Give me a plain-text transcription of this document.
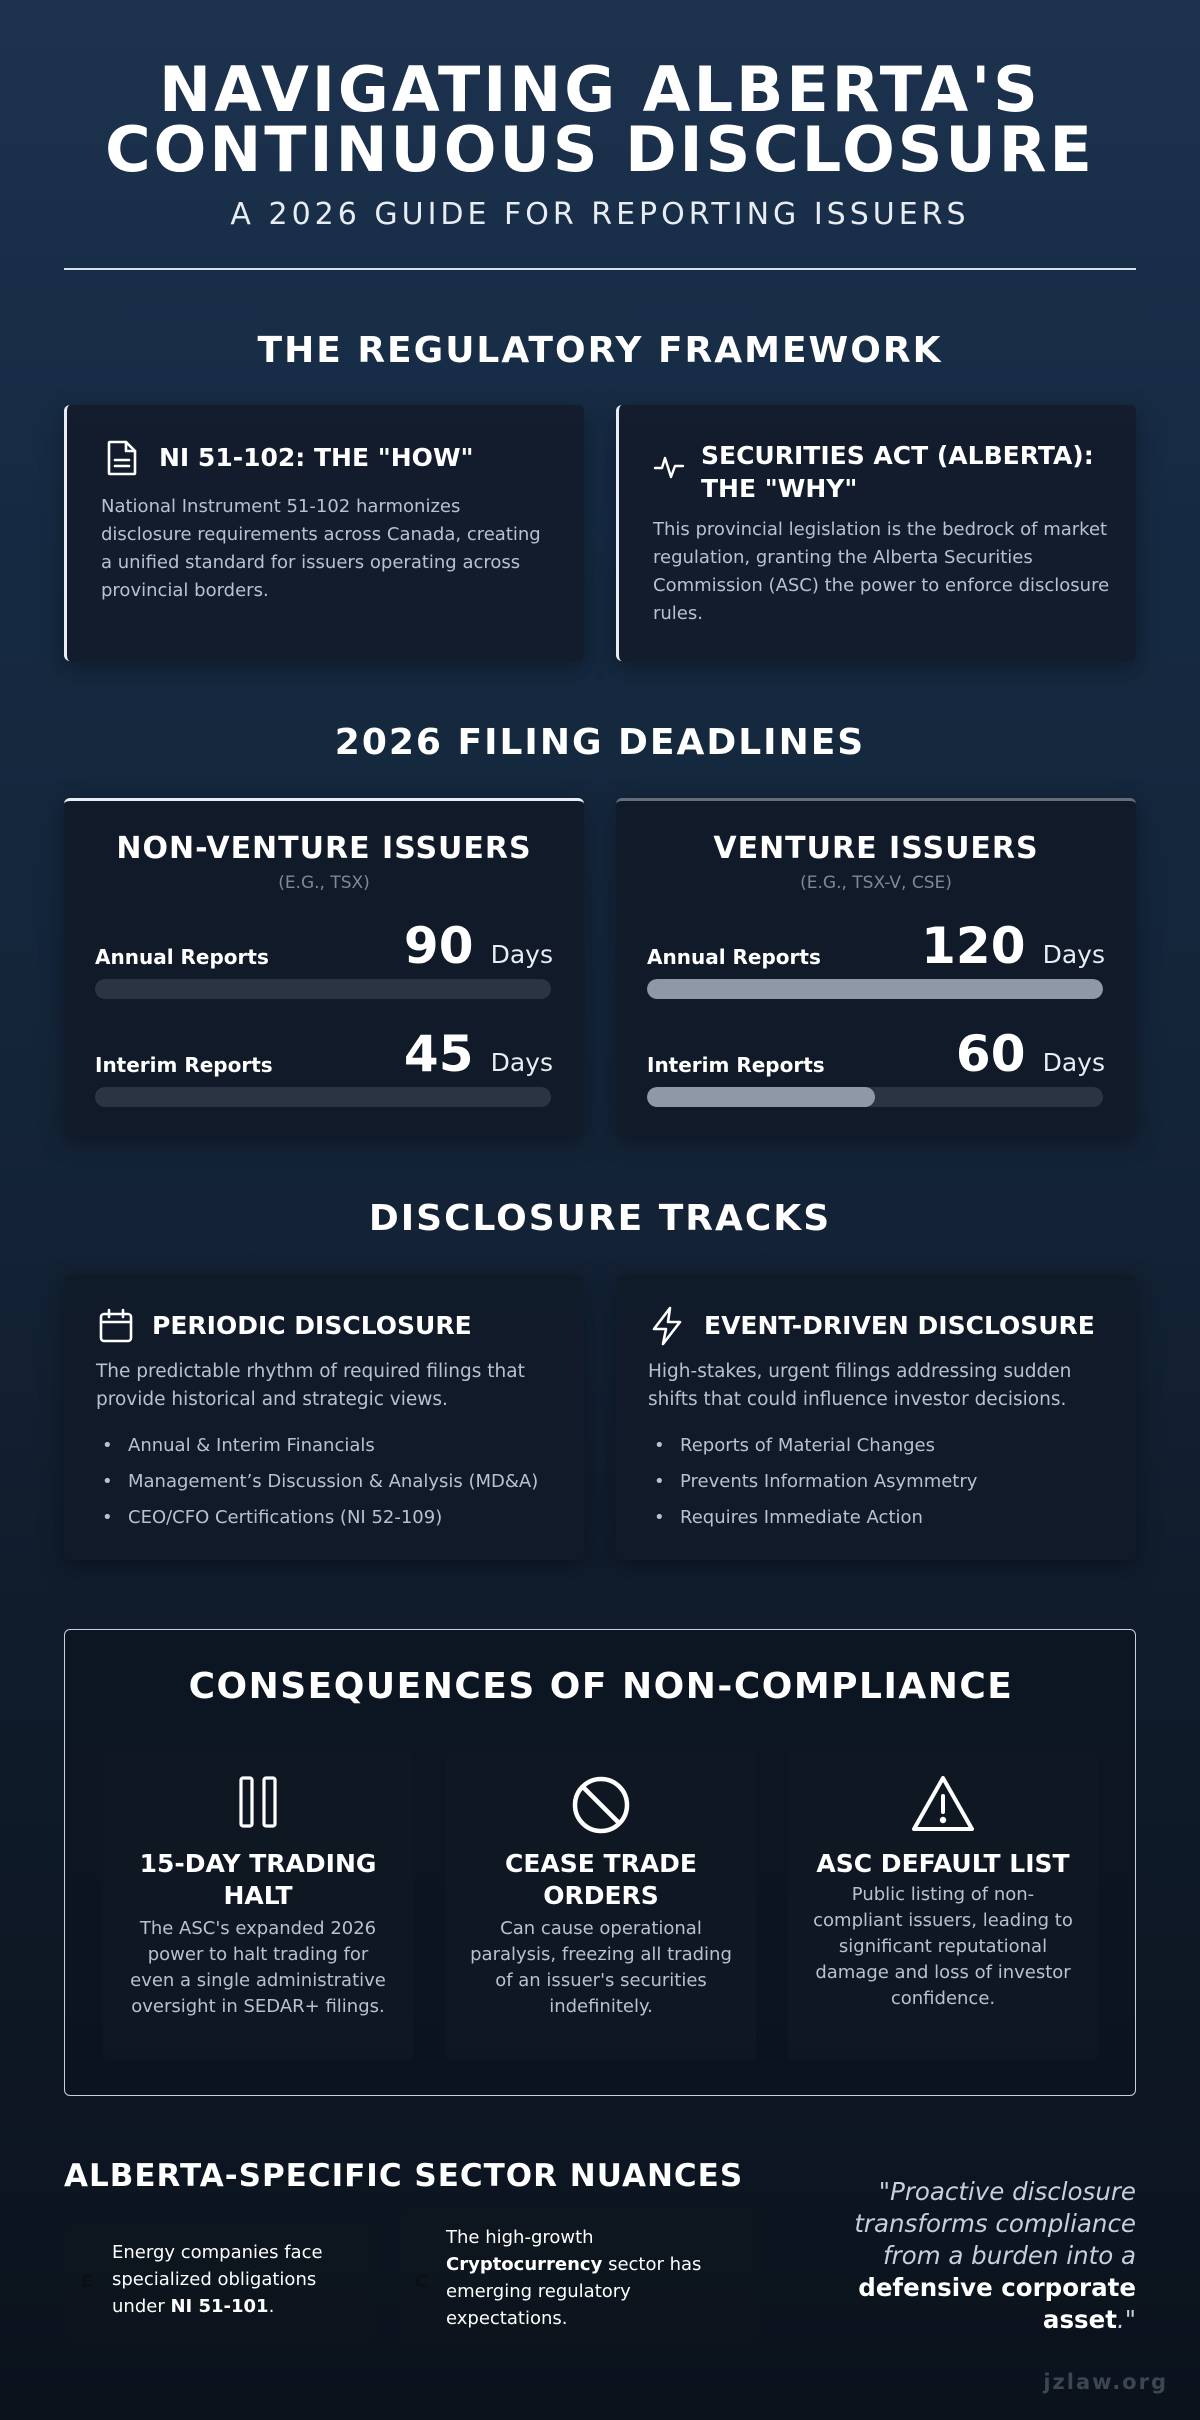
NAVIGATING ALBERTA'S
CONTINUOUS DISCLOSURE
A 2026 GUIDE FOR REPORTING ISSUERS
THE REGULATORY FRAMEWORK
NI 51-102: THE "HOW"
National Instrument 51-102 harmonizes disclosure requirements across Canada, creating a unified standard for issuers operating across provincial borders.
SECURITIES ACT (ALBERTA): THE "WHY"
This provincial legislation is the bedrock of market regulation, granting the Alberta Securities Commission (ASC) the power to enforce disclosure rules.
2026 FILING DEADLINES
NON-VENTURE ISSUERS
(E.G., TSX)
Annual Reports	90 Days
Interim Reports	45 Days
VENTURE ISSUERS
(E.G., TSX-V, CSE)
Annual Reports 120 Days
Interim Reports	60 Days
DISCLOSURE TRACKS
PERIODIC DISCLOSURE
The predictable rhythm of required filings that provide historical and strategic views.
• Annual & Interim Financials
• Management’s Discussion & Analysis (MD&A)
• CEO/CFO Certifications (NI 52-109)
EVENT-DRIVEN DISCLOSURE
High-stakes, urgent filings addressing sudden shifts that could influence investor decisions.
• Reports of Material Changes
• Prevents Information Asymmetry
• Requires Immediate Action
CONSEQUENCES OF NON-COMPLIANCE
15-DAY TRADING
HALT
The ASC's expanded 2026 power to halt trading for even a single administrative oversight in SEDAR+ filings.
CEASE TRADE
ORDERS
Can cause operational paralysis, freezing all trading of an issuer's securities indefinitely.
ASC DEFAULT LIST
Public listing of non-compliant issuers, leading to significant reputational damage and loss of investor confidence.
ALBERTA-SPECIFIC SECTOR NUANCES
E
Energy companies face specialized obligations under NI 51-101.
C
The high-growth Cryptocurrency sector has emerging regulatory expectations.
"Proactive disclosure transforms compliance from a burden into a defensive corporate asset."
jzlaw.org
